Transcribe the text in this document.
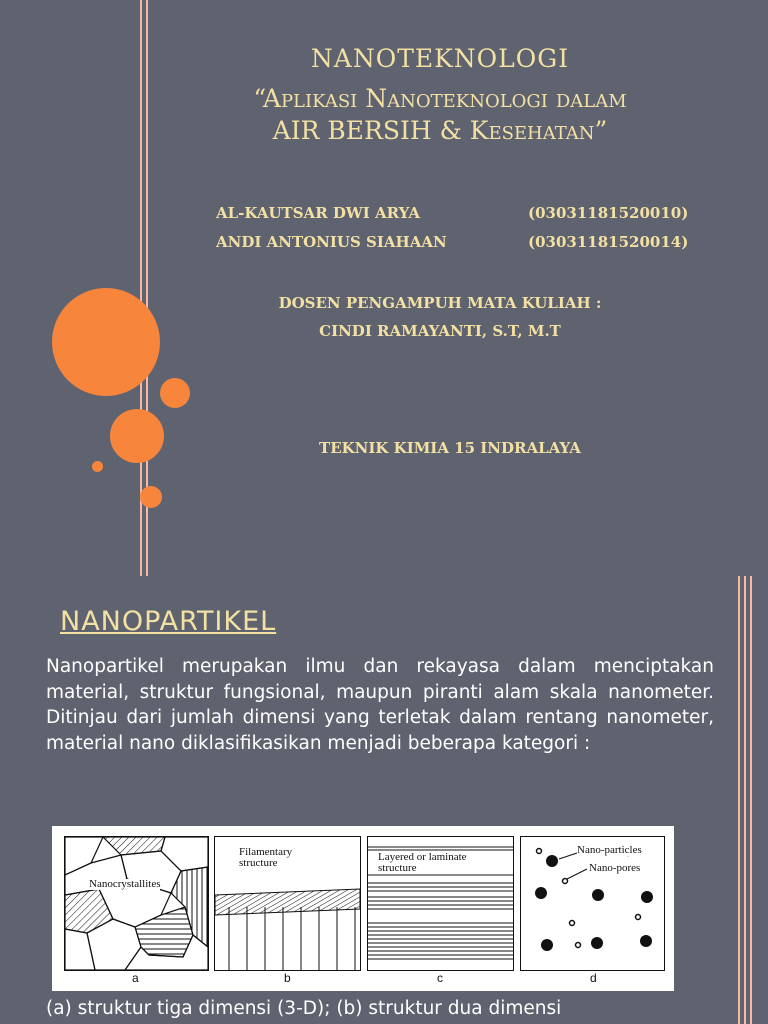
NANOTEKNOLOGI
“Aplikasi Nanoteknologi dalam
AIR BERSIH & Kesehatan”
AL-KAUTSAR DWI ARYA	(03031181520010)
ANDI ANTONIUS SIAHAAN	(03031181520014)
DOSEN PENGAMPUH MATA KULIAH :
CINDI RAMAYANTI, S.T, M.T
TEKNIK KIMIA 15 INDRALAYA
NANOPARTIKEL
Nanopartikel merupakan ilmu dan rekayasa dalam menciptakan material, struktur fungsional, maupun piranti alam skala nanometer. Ditinjau dari jumlah dimensi yang terletak dalam rentang nanometer, material nano diklasifikasikan menjadi beberapa kategori :
Nanocrystallites
a
Filamentary structure
b
Layered or laminate structure
c
Nano-particles
Nano-pores
d
(a) struktur tiga dimensi (3-D); (b) struktur dua dimensi
